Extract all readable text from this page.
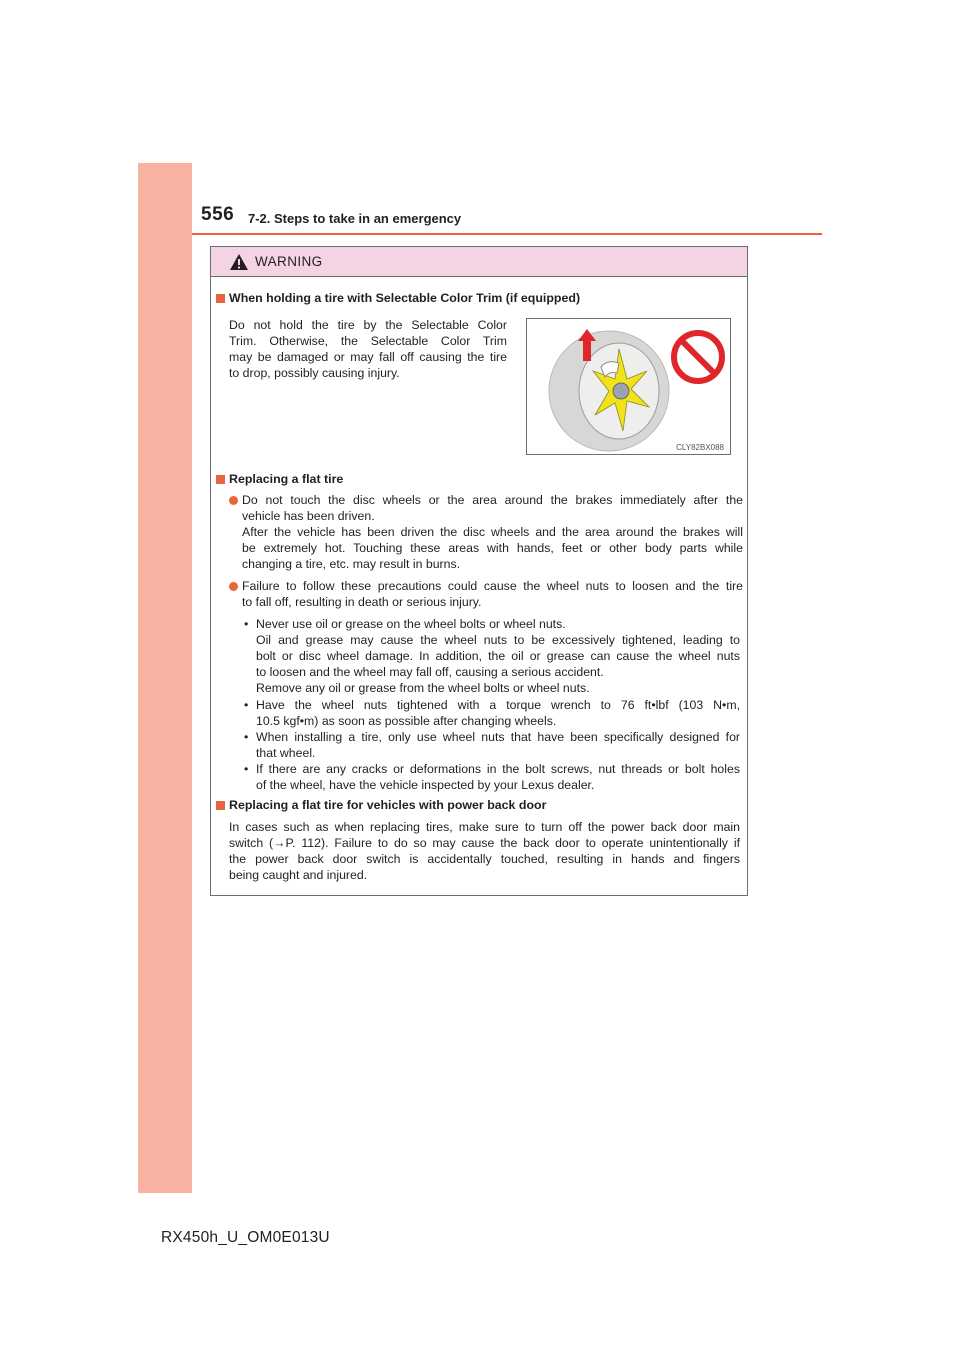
556 7-2. Steps to take in an emergency
WARNING
When holding a tire with Selectable Color Trim (if equipped)

Do not hold the tire by the Selectable Color

Trim. Otherwise, the Selectable Color Trim

may be damaged or may fall off causing the tire

to drop, possibly causing injury.

CLY82BX088
Replacing a flat tire

Do not touch the disc wheels or the area around the brakes immediately after the

vehicle has been driven.

After the vehicle has been driven the disc wheels and the area around the brakes will

be extremely hot. Touching these areas with hands, feet or other body parts while

changing a tire, etc. may result in burns.

Failure to follow these precautions could cause the wheel nuts to loosen and the tire

to fall off, resulting in death or serious injury.

• Never use oil or grease on the wheel bolts or wheel nuts.

Oil and grease may cause the wheel nuts to be excessively tightened, leading to

bolt or disc wheel damage. In addition, the oil or grease can cause the wheel nuts

to loosen and the wheel may fall off, causing a serious accident.

Remove any oil or grease from the wheel bolts or wheel nuts.

• Have the wheel nuts tightened with a torque wrench to 76 ft•lbf (103 N•m,

10.5 kgf•m) as soon as possible after changing wheels.

• When installing a tire, only use wheel nuts that have been specifically designed for

that wheel.

• If there are any cracks or deformations in the bolt screws, nut threads or bolt holes

of the wheel, have the vehicle inspected by your Lexus dealer.

Replacing a flat tire for vehicles with power back door

In cases such as when replacing tires, make sure to turn off the power back door main

switch (→P. 112). Failure to do so may cause the back door to operate unintentionally if

the power back door switch is accidentally touched, resulting in hands and fingers

being caught and injured.

RX450h_U_OM0E013U
